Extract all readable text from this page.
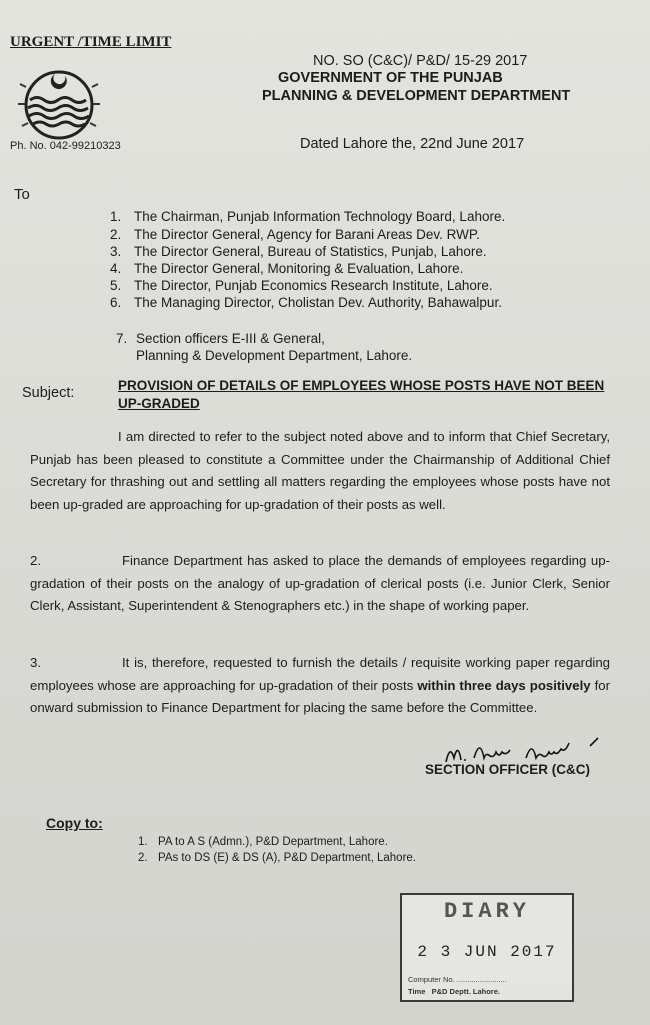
URGENT /TIME LIMIT
Ph. No. 042-99210323
NO. SO (C&C)/ P&D/ 15-29 2017
GOVERNMENT OF THE PUNJAB
PLANNING & DEVELOPMENT DEPARTMENT
Dated Lahore the, 22nd June 2017
To
1. The Chairman, Punjab Information Technology Board, Lahore.
2. The Director General, Agency for Barani Areas Dev. RWP.
3. The Director General, Bureau of Statistics, Punjab, Lahore.
4. The Director General, Monitoring & Evaluation, Lahore.
5. The Director, Punjab Economics Research Institute, Lahore.
6. The Managing Director, Cholistan Dev. Authority, Bahawalpur.
7. Section officers E-III & General,
Planning & Development Department, Lahore.
Subject:	PROVISION OF DETAILS OF EMPLOYEES WHOSE POSTS HAVE NOT BEEN UP-GRADED
I am directed to refer to the subject noted above and to inform that Chief Secretary, Punjab has been pleased to constitute a Committee under the Chairmanship of Additional Chief Secretary for thrashing out and settling all matters regarding the employees whose posts have not been up-graded are approaching for up-gradation of their posts as well.
2.	Finance Department has asked to place the demands of employees regarding up-gradation of their posts on the analogy of up-gradation of clerical posts (i.e. Junior Clerk, Senior Clerk, Assistant, Superintendent & Stenographers etc.) in the shape of working paper.
3.	It is, therefore, requested to furnish the details / requisite working paper regarding employees whose are approaching for up-gradation of their posts within three days positively for onward submission to Finance Department for placing the same before the Committee.
SECTION OFFICER (C&C)
Copy to:
1. PA to A S (Admn.), P&D Department, Lahore.
2. PAs to DS (E) & DS (A), P&D Department, Lahore.
DIARY
2 3 JUN 2017
Computer No. ........................
Time P&D Deptt. Lahore.
